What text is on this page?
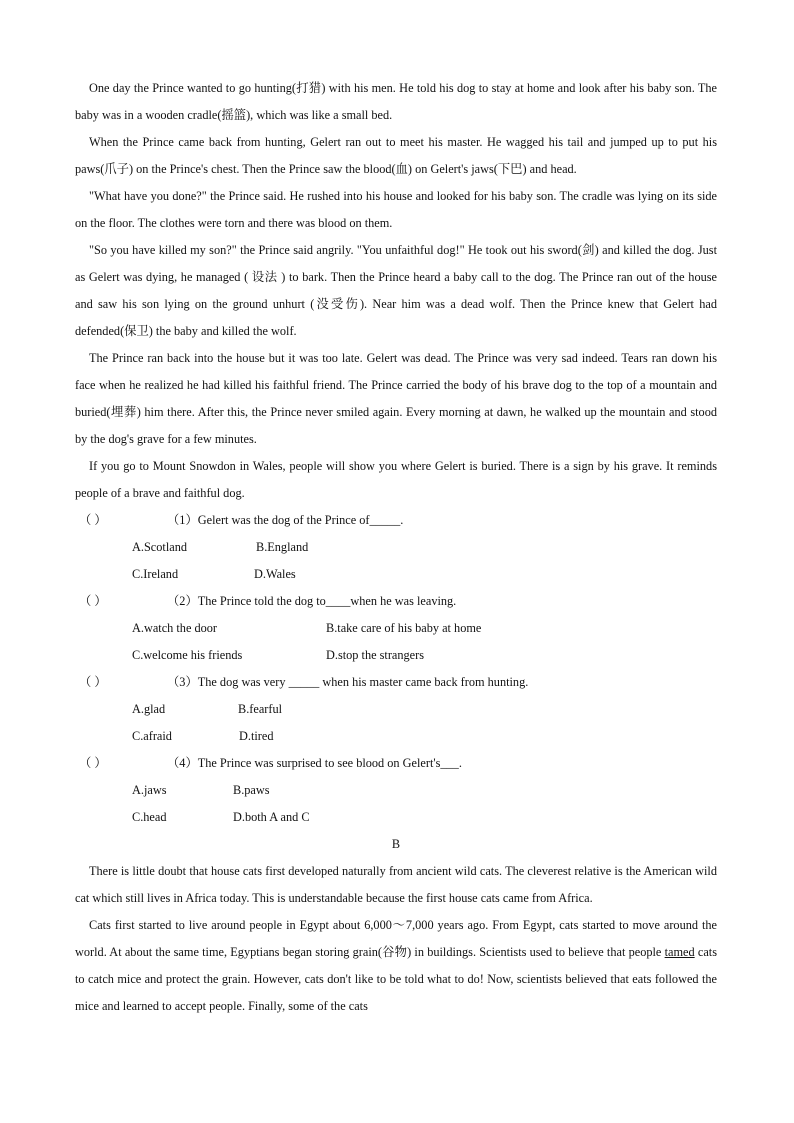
One day the Prince wanted to go hunting(打猎) with his men. He told his dog to stay at home and look after his baby son. The baby was in a wooden cradle(摇篮), which was like a small bed.

When the Prince came back from hunting, Gelert ran out to meet his master. He wagged his tail and jumped up to put his paws(爪子) on the Prince's chest. Then the Prince saw the blood(血) on Gelert's jaws(下巴) and head.

"What have you done?" the Prince said. He rushed into his house and looked for his baby son. The cradle was lying on its side on the floor. The clothes were torn and there was blood on them.

"So you have killed my son?" the Prince said angrily. "You unfaithful dog!" He took out his sword(剑) and killed the dog. Just as Gelert was dying, he managed ( 设法 ) to bark. Then the Prince heard a baby call to the dog. The Prince ran out of the house and saw his son lying on the ground unhurt (没受伤). Near him was a dead wolf. Then the Prince knew that Gelert had defended(保卫) the baby and killed the wolf.

The Prince ran back into the house but it was too late. Gelert was dead. The Prince was very sad indeed. Tears ran down his face when he realized he had killed his faithful friend. The Prince carried the body of his brave dog to the top of a mountain and buried(埋葬) him there. After this, the Prince never smiled again. Every morning at dawn, he walked up the mountain and stood by the dog's grave for a few minutes.

If you go to Mount Snowdon in Wales, people will show you where Gelert is buried. There is a sign by his grave. It reminds people of a brave and faithful dog.

（ ）	（1）Gelert was the dog of the Prince of_____.

A.Scotland	B.England

C.Ireland	D.Wales

（ ）	（2）The Prince told the dog to____when he was leaving.

A.watch the door	B.take care of his baby at home

C.welcome his friends	D.stop the strangers

（ ）	（3）The dog was very _____ when his master came back from hunting.

A.glad	B.fearful

C.afraid	D.tired

（ ）	（4）The Prince was surprised to see blood on Gelert's___.

A.jaws	B.paws

C.head	D.both A and C

B

There is little doubt that house cats first developed naturally from ancient wild cats. The cleverest relative is the American wild cat which still lives in Africa today. This is understandable because the first house cats came from Africa.

Cats first started to live around people in Egypt about 6,000～7,000 years ago. From Egypt, cats started to move around the world. At about the same time, Egyptians began storing grain(谷物) in buildings. Scientists used to believe that people tamed cats to catch mice and protect the grain. However, cats don't like to be told what to do! Now, scientists believed that eats followed the mice and learned to accept people. Finally, some of the cats
